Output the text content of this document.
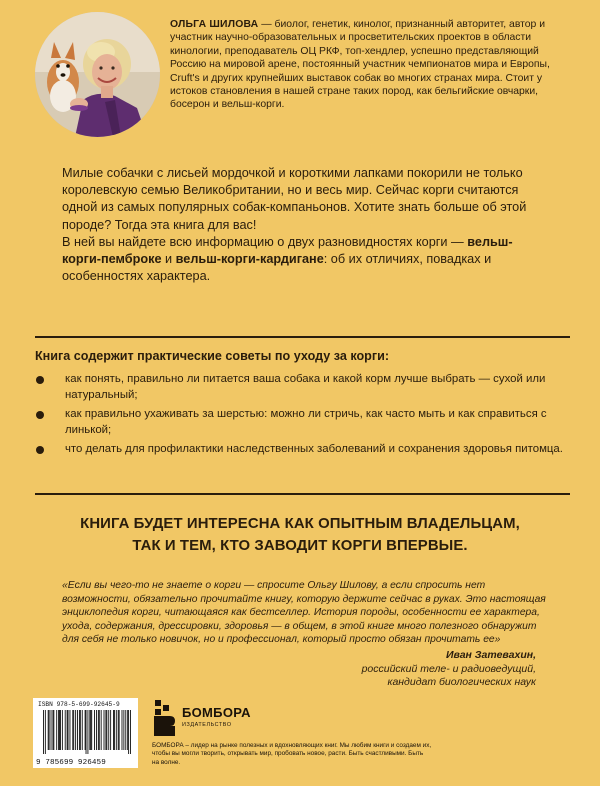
ОЛЬГА ШИЛОВА — биолог, генетик, кинолог, признанный авторитет, автор и участник научно-образовательных и просветительских проектов в области кинологии, преподаватель ОЦ РКФ, топ-хендлер, успешно представляющий Россию на мировой арене, постоянный участник чемпионатов мира и Европы, Cruft's и других крупнейших выставок собак во многих странах мира. Стоит у истоков становления в нашей стране таких пород, как бельгийские овчарки, босерон и вельш-корги.

Милые собачки с лисьей мордочкой и короткими лапками покорили не только королевскую семью Великобритании, но и весь мир. Сейчас корги считаются одной из самых популярных собак-компаньонов. Хотите знать больше об этой породе? Тогда эта книга для вас!

В ней вы найдете всю информацию о двух разновидностях корги — вельш-корги-пемброке и вельш-корги-кардигане: об их отличиях, повадках и особенностях характера.

Книга содержит практические советы по уходу за корги:
как понять, правильно ли питается ваша собака и какой корм лучше выбрать — сухой или натуральный;
как правильно ухаживать за шерстью: можно ли стричь, как часто мыть и как справиться с линькой;
что делать для профилактики наследственных заболеваний и сохранения здоровья питомца.
КНИГА БУДЕТ ИНТЕРЕСНА КАК ОПЫТНЫМ ВЛАДЕЛЬЦАМ,
ТАК И ТЕМ, КТО ЗАВОДИТ КОРГИ ВПЕРВЫЕ.
«Если вы чего-то не знаете о корги — спросите Ольгу Шилову, а если спросить нет возможности, обязательно прочитайте книгу, которую держите сейчас в руках. Это настоящая энциклопедия корги, читающаяся как бестселлер. История породы, особенности ее характера, ухода, содержания, дрессировки, здоровья — в общем, в этой книге много полезного обнаружит для себя не только новичок, но и профессионал, который просто обязан прочитать ее»
Иван Затевахин,
российский теле- и радиоведущий,
кандидат биологических наук
ISBN 978-5-699-92645-9
9 785699 926459
БОМБОРА
ИЗДАТЕЛЬСТВО
БОМБОРА – лидер на рынке полезных и вдохновляющих книг. Мы любим книги и создаем их, чтобы вы могли творить, открывать мир, пробовать новое, расти. Быть счастливыми. Быть на волне.
